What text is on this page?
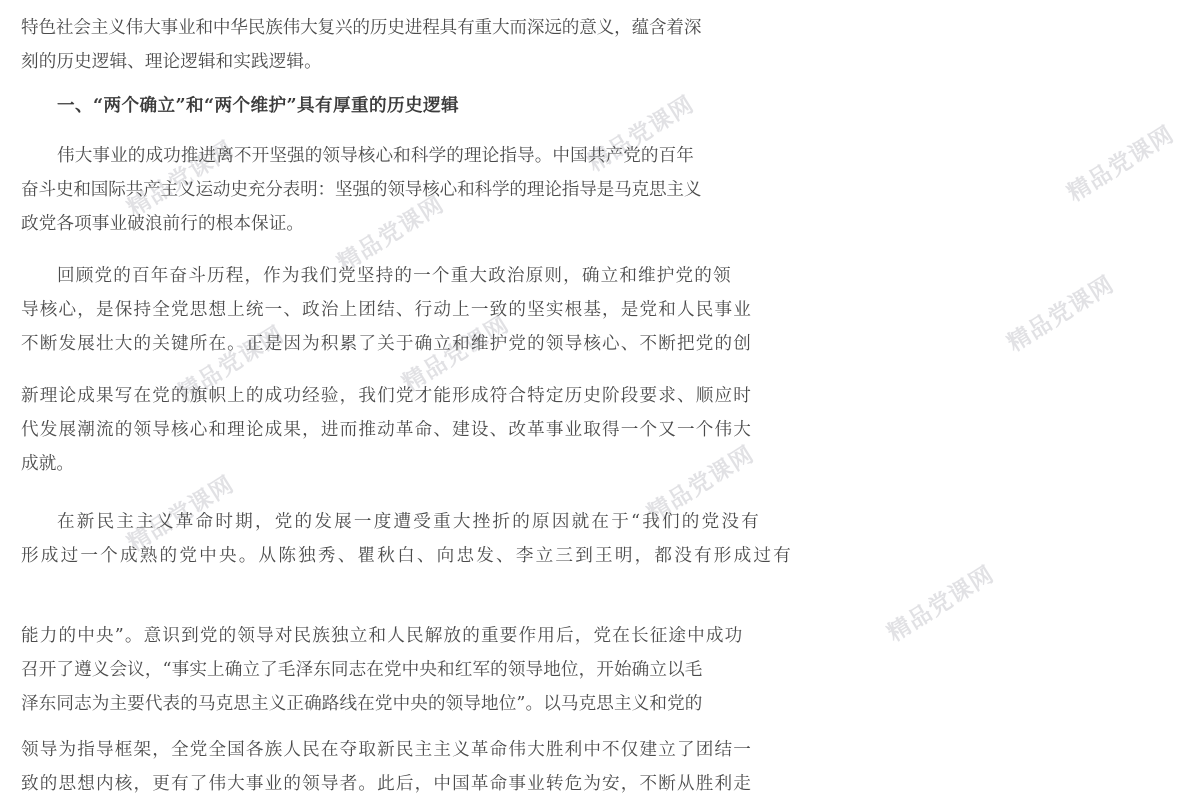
精品党课网
精品党课网
精品党课网
精品党课网	精品党课网
精品党课网	精品党课网
精品党课网
精品党课网
精品党课网
特色社会主义伟大事业和中华民族伟大复兴的历史进程具有重大而深远的意义，蕴含着深
刻的历史逻辑、理论逻辑和实践逻辑。
一、“两个确立”和“两个维护”具有厚重的历史逻辑
伟大事业的成功推进离不开坚强的领导核心和科学的理论指导。中国共产党的百年
奋斗史和国际共产主义运动史充分表明：坚强的领导核心和科学的理论指导是马克思主义
政党各项事业破浪前行的根本保证。
回顾党的百年奋斗历程，作为我们党坚持的一个重大政治原则，确立和维护党的领
导核心，是保持全党思想上统一、政治上团结、行动上一致的坚实根基，是党和人民事业
不断发展壮大的关键所在。正是因为积累了关于确立和维护党的领导核心、不断把党的创
新理论成果写在党的旗帜上的成功经验，我们党才能形成符合特定历史阶段要求、顺应时
代发展潮流的领导核心和理论成果，进而推动革命、建设、改革事业取得一个又一个伟大
成就。
在新民主主义革命时期，党的发展一度遭受重大挫折的原因就在于“我们的党没有
形成过一个成熟的党中央。从陈独秀、瞿秋白、向忠发、李立三到王明，都没有形成过有
能力的中央”。意识到党的领导对民族独立和人民解放的重要作用后，党在长征途中成功
召开了遵义会议，“事实上确立了毛泽东同志在党中央和红军的领导地位，开始确立以毛
泽东同志为主要代表的马克思主义正确路线在党中央的领导地位”。以马克思主义和党的
领导为指导框架，全党全国各族人民在夺取新民主主义革命伟大胜利中不仅建立了团结一
致的思想内核，更有了伟大事业的领导者。此后，中国革命事业转危为安，不断从胜利走
